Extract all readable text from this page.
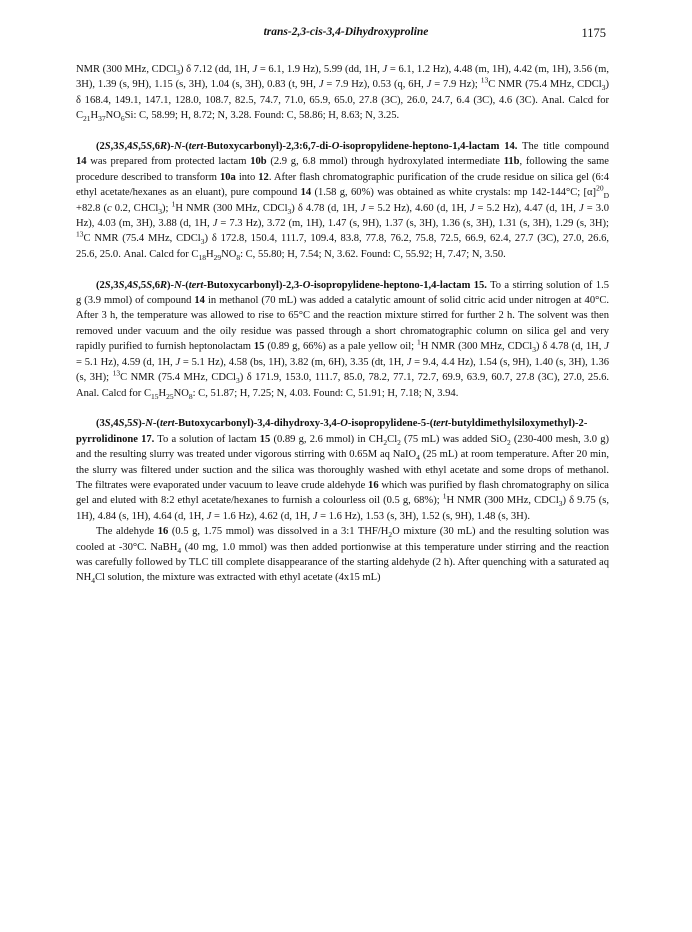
trans-2,3-cis-3,4-Dihydroxyproline	1175

NMR (300 MHz, CDCl$_3$) δ 7.12 (dd, 1H, J = 6.1, 1.9 Hz), 5.99 (dd, 1H, J = 6.1, 1.2 Hz), 4.48 (m, 1H), 4.42 (m, 1H), 3.56 (m, 3H), 1.39 (s, 9H), 1.15 (s, 3H), 1.04 (s, 3H), 0.83 (t, 9H, J = 7.9 Hz), 0.53 (q, 6H, J = 7.9 Hz); $^{13}$C NMR (75.4 MHz, CDCl$_3$) δ 168.4, 149.1, 147.1, 128.0, 108.7, 82.5, 74.7, 71.0, 65.9, 65.0, 27.8 (3C), 26.0, 24.7, 6.4 (3C), 4.6 (3C). Anal. Calcd for $C_{21}H_{37}NO_6Si$: C, 58.99; H, 8.72; N, 3.28. Found: C, 58.86; H, 8.63; N, 3.25.

(2S,3S,4S,5S,6R)-N-(tert-Butoxycarbonyl)-2,3:6,7-di-O-isopropylidene-heptono-1,4-lactam 14. The title compound 14 was prepared from protected lactam 10b (2.9 g, 6.8 mmol) through hydroxylated intermediate 11b, following the same procedure described to transform 10a into 12. After flash chromatographic purification of the crude residue on silica gel (6:4 ethyl acetate/hexanes as an eluant), pure compound 14 (1.58 g, 60%) was obtained as white crystals: mp 142-144°C; $[\alpha]^{20}_D +82.8$ (c 0.2, CHCl$_3$); $^1$H NMR (300 MHz, CDCl$_3$) δ 4.78 (d, 1H, J = 5.2 Hz), 4.60 (d, 1H, J = 5.2 Hz), 4.47 (d, 1H, J = 3.0 Hz), 4.03 (m, 3H), 3.88 (d, 1H, J = 7.3 Hz), 3.72 (m, 1H), 1.47 (s, 9H), 1.37 (s, 3H), 1.36 (s, 3H), 1.31 (s, 3H), 1.29 (s, 3H); $^{13}$C NMR (75.4 MHz, CDCl$_3$) δ 172.8, 150.4, 111.7, 109.4, 83.8, 77.8, 76.2, 75.8, 72.5, 66.9, 62.4, 27.7 (3C), 27.0, 26.6, 25.6, 25.0. Anal. Calcd for $C_{18}H_{29}NO_8$: C, 55.80; H, 7.54; N, 3.62. Found: C, 55.92; H, 7.47; N, 3.50.

(2S,3S,4S,5S,6R)-N-(tert-Butoxycarbonyl)-2,3-O-isopropylidene-heptono-1,4-lactam 15. To a stirring solution of 1.5 g (3.9 mmol) of compound 14 in methanol (70 mL) was added a catalytic amount of solid citric acid under nitrogen at 40°C. After 3 h, the temperature was allowed to rise to 65°C and the reaction mixture stirred for further 2 h. The solvent was then removed under vacuum and the oily residue was passed through a short chromatographic column on silica gel and very rapidly purified to furnish heptonolactam 15 (0.89 g, 66%) as a pale yellow oil; $^1$H NMR (300 MHz, CDCl$_3$) δ 4.78 (d, 1H, J = 5.1 Hz), 4.59 (d, 1H, J = 5.1 Hz), 4.58 (bs, 1H), 3.82 (m, 6H), 3.35 (dt, 1H, J = 9.4, 4.4 Hz), 1.54 (s, 9H), 1.40 (s, 3H), 1.36 (s, 3H); $^{13}$C NMR (75.4 MHz, CDCl$_3$) δ 171.9, 153.0, 111.7, 85.0, 78.2, 77.1, 72.7, 69.9, 63.9, 60.7, 27.8 (3C), 27.0, 25.6. Anal. Calcd for $C_{15}H_{25}NO_8$: C, 51.87; H, 7.25; N, 4.03. Found: C, 51.91; H, 7.18; N, 3.94.

(3S,4S,5S)-N-(tert-Butoxycarbonyl)-3,4-dihydroxy-3,4-O-isopropylidene-5-(tert-butyldimethylsiloxymethyl)-2-pyrrolidinone 17. To a solution of lactam 15 (0.89 g, 2.6 mmol) in $CH_2Cl_2$ (75 mL) was added SiO$_2$ (230-400 mesh, 3.0 g) and the resulting slurry was treated under vigorous stirring with 0.65M aq NaIO$_4$ (25 mL) at room temperature. After 20 min, the slurry was filtered under suction and the silica was thoroughly washed with ethyl acetate and some drops of methanol. The filtrates were evaporated under vacuum to leave crude aldehyde 16 which was purified by flash chromatography on silica gel and eluted with 8:2 ethyl acetate/hexanes to furnish a colourless oil (0.5 g, 68%); $^1$H NMR (300 MHz, CDCl$_3$) δ 9.75 (s, 1H), 4.84 (s, 1H), 4.64 (d, 1H, J = 1.6 Hz), 4.62 (d, 1H, J = 1.6 Hz), 1.53 (s, 3H), 1.52 (s, 9H), 1.48 (s, 3H).

The aldehyde 16 (0.5 g, 1.75 mmol) was dissolved in a 3:1 THF/$H_2O$ mixture (30 mL) and the resulting solution was cooled at -30°C. NaBH$_4$ (40 mg, 1.0 mmol) was then added portionwise at this temperature under stirring and the reaction was carefully followed by TLC till complete disappearance of the starting aldehyde (2 h). After quenching with a saturated aq $NH_4Cl$ solution, the mixture was extracted with ethyl acetate (4x15 mL)
